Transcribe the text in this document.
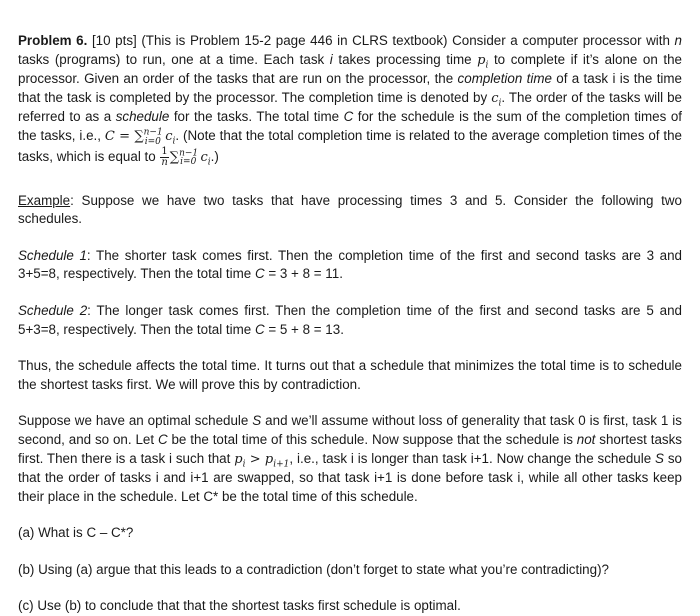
Problem 6. [10 pts] (This is Problem 15-2 page 446 in CLRS textbook) Consider a computer processor with n tasks (programs) to run, one at a time. Each task i takes processing time $p_i$ to complete if it’s alone on the processor. Given an order of the tasks that are run on the processor, the completion time of a task i is the time that the task is completed by the processor. The completion time is denoted by $c_i$. The order of the tasks will be referred to as a schedule for the tasks. The total time C for the schedule is the sum of the completion times of the tasks, i.e., C = ∑$^{n-1}_{i=0}$ $c_i$. (Note that the total completion time is related to the average completion times of the tasks, which is equal to $\frac{1}{n} \sum^{n-1}_{i=0}$ $c_i$.)

Example: Suppose we have two tasks that have processing times 3 and 5. Consider the following two schedules.

Schedule 1: The shorter task comes first. Then the completion time of the first and second tasks are 3 and 3+5=8, respectively. Then the total time C = 3 + 8 = 11.

Schedule 2: The longer task comes first. Then the completion time of the first and second tasks are 5 and 5+3=8, respectively. Then the total time C = 5 + 8 = 13.

Thus, the schedule affects the total time. It turns out that a schedule that minimizes the total time is to schedule the shortest tasks first. We will prove this by contradiction.

Suppose we have an optimal schedule S and we’ll assume without loss of generality that task 0 is first, task 1 is second, and so on. Let C be the total time of this schedule. Now suppose that the schedule is not shortest tasks first. Then there is a task i such that $p_i > p_{i+1}$, i.e., task i is longer than task i+1. Now change the schedule S so that the order of tasks i and i+1 are swapped, so that task i+1 is done before task i, while all other tasks keep their place in the schedule. Let C* be the total time of this schedule.

(a) What is C – C*?

(b) Using (a) argue that this leads to a contradiction (don’t forget to state what you’re contradicting)?

(c) Use (b) to conclude that that the shortest tasks first schedule is optimal.
